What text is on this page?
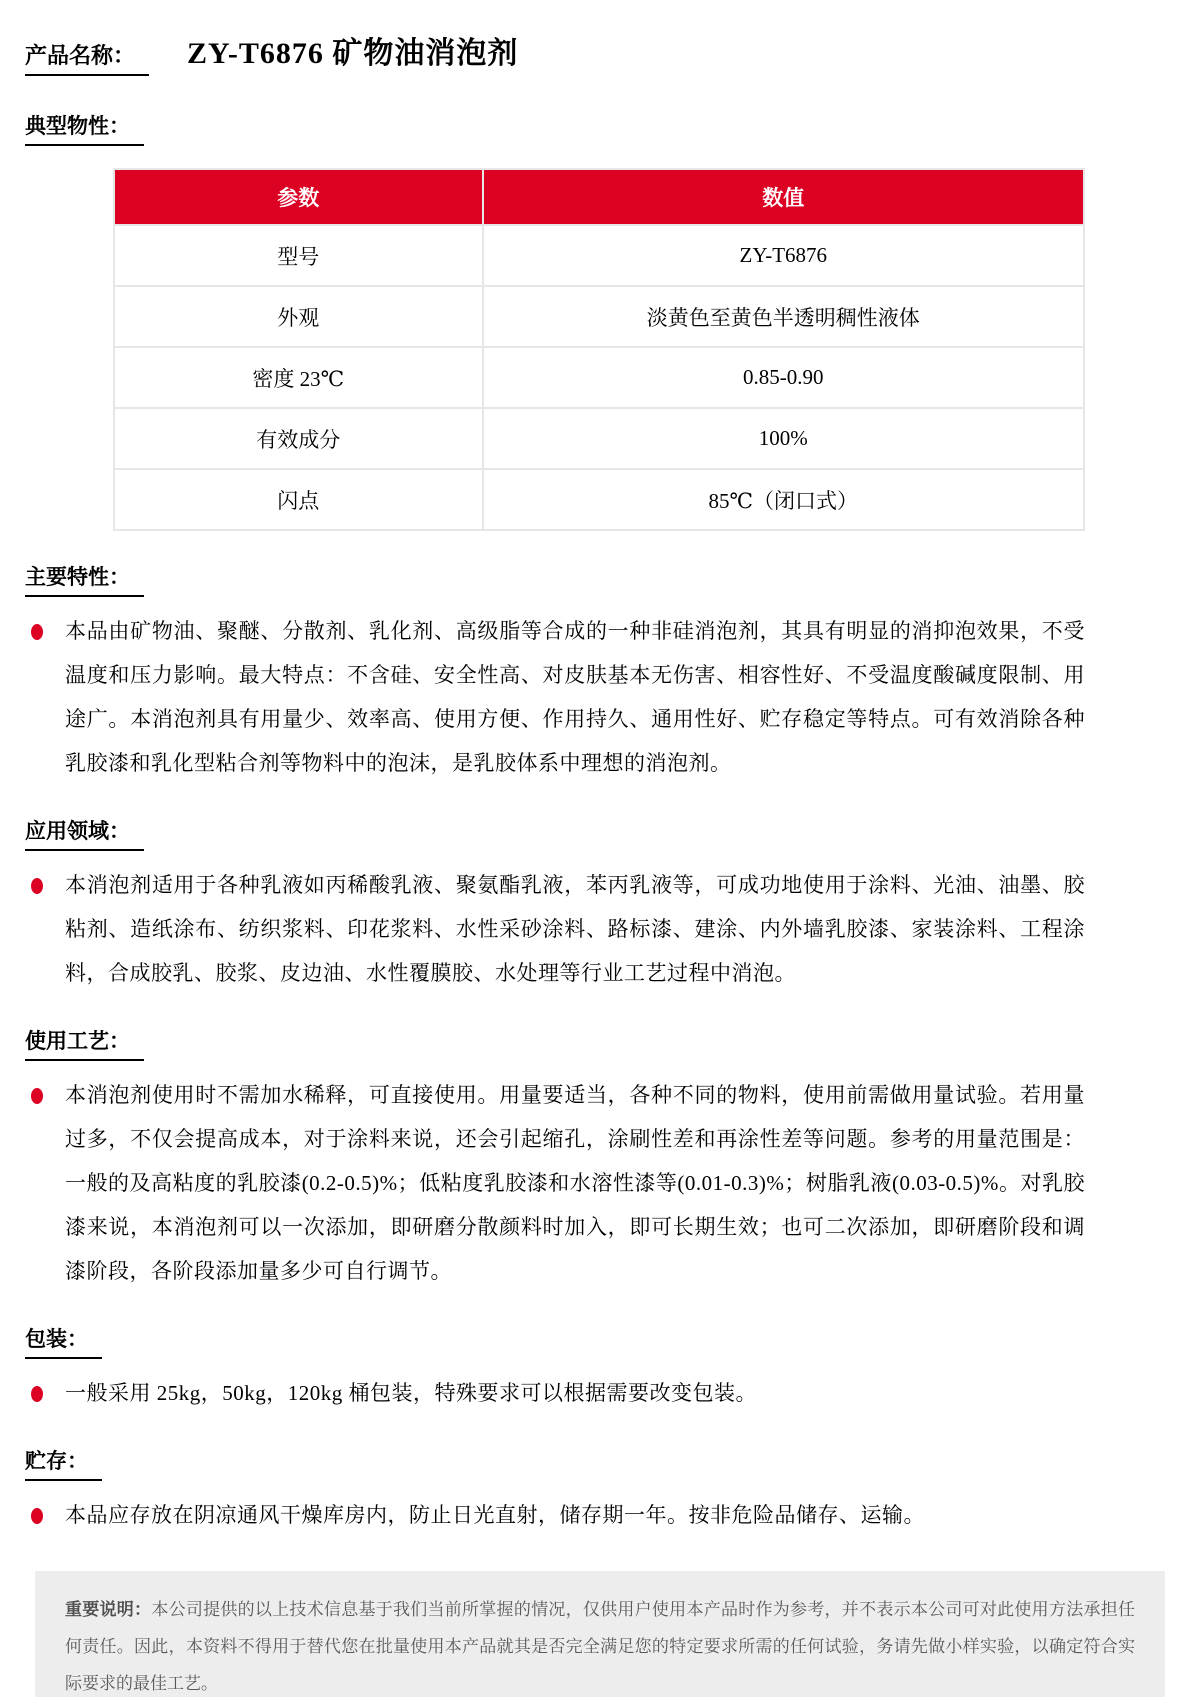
产品名称： ZY-T6876 矿物油消泡剂
典型物性：
参数	数值
型号	ZY-T6876
外观	淡黄色至黄色半透明稠性液体
密度 23℃	0.85-0.90
有效成分	100%
闪点	85℃（闭口式）
主要特性：
本品由矿物油、聚醚、分散剂、乳化剂、高级脂等合成的一种非硅消泡剂，其具有明显的消抑泡效果，不受温度和压力影响。最大特点：不含硅、安全性高、对皮肤基本无伤害、相容性好、不受温度酸碱度限制、用途广。本消泡剂具有用量少、效率高、使用方便、作用持久、通用性好、贮存稳定等特点。可有效消除各种乳胶漆和乳化型粘合剂等物料中的泡沫，是乳胶体系中理想的消泡剂。
应用领域：
本消泡剂适用于各种乳液如丙稀酸乳液、聚氨酯乳液，苯丙乳液等，可成功地使用于涂料、光油、油墨、胶粘剂、造纸涂布、纺织浆料、印花浆料、水性采砂涂料、路标漆、建涂、内外墙乳胶漆、家装涂料、工程涂料，合成胶乳、胶浆、皮边油、水性覆膜胶、水处理等行业工艺过程中消泡。
使用工艺：
本消泡剂使用时不需加水稀释，可直接使用。用量要适当，各种不同的物料，使用前需做用量试验。若用量过多，不仅会提高成本，对于涂料来说，还会引起缩孔，涂刷性差和再涂性差等问题。参考的用量范围是：一般的及高粘度的乳胶漆(0.2-0.5)%；低粘度乳胶漆和水溶性漆等(0.01-0.3)%；树脂乳液(0.03-0.5)%。对乳胶漆来说，本消泡剂可以一次添加，即研磨分散颜料时加入，即可长期生效；也可二次添加，即研磨阶段和调漆阶段，各阶段添加量多少可自行调节。
包装：
一般采用 25kg，50kg，120kg 桶包装，特殊要求可以根据需要改变包装。
贮存：
本品应存放在阴凉通风干燥库房内，防止日光直射，储存期一年。按非危险品储存、运输。
重要说明：本公司提供的以上技术信息基于我们当前所掌握的情况，仅供用户使用本产品时作为参考，并不表示本公司可对此使用方法承担任何责任。因此，本资料不得用于替代您在批量使用本产品就其是否完全满足您的特定要求所需的任何试验，务请先做小样实验，以确定符合实际要求的最佳工艺。
